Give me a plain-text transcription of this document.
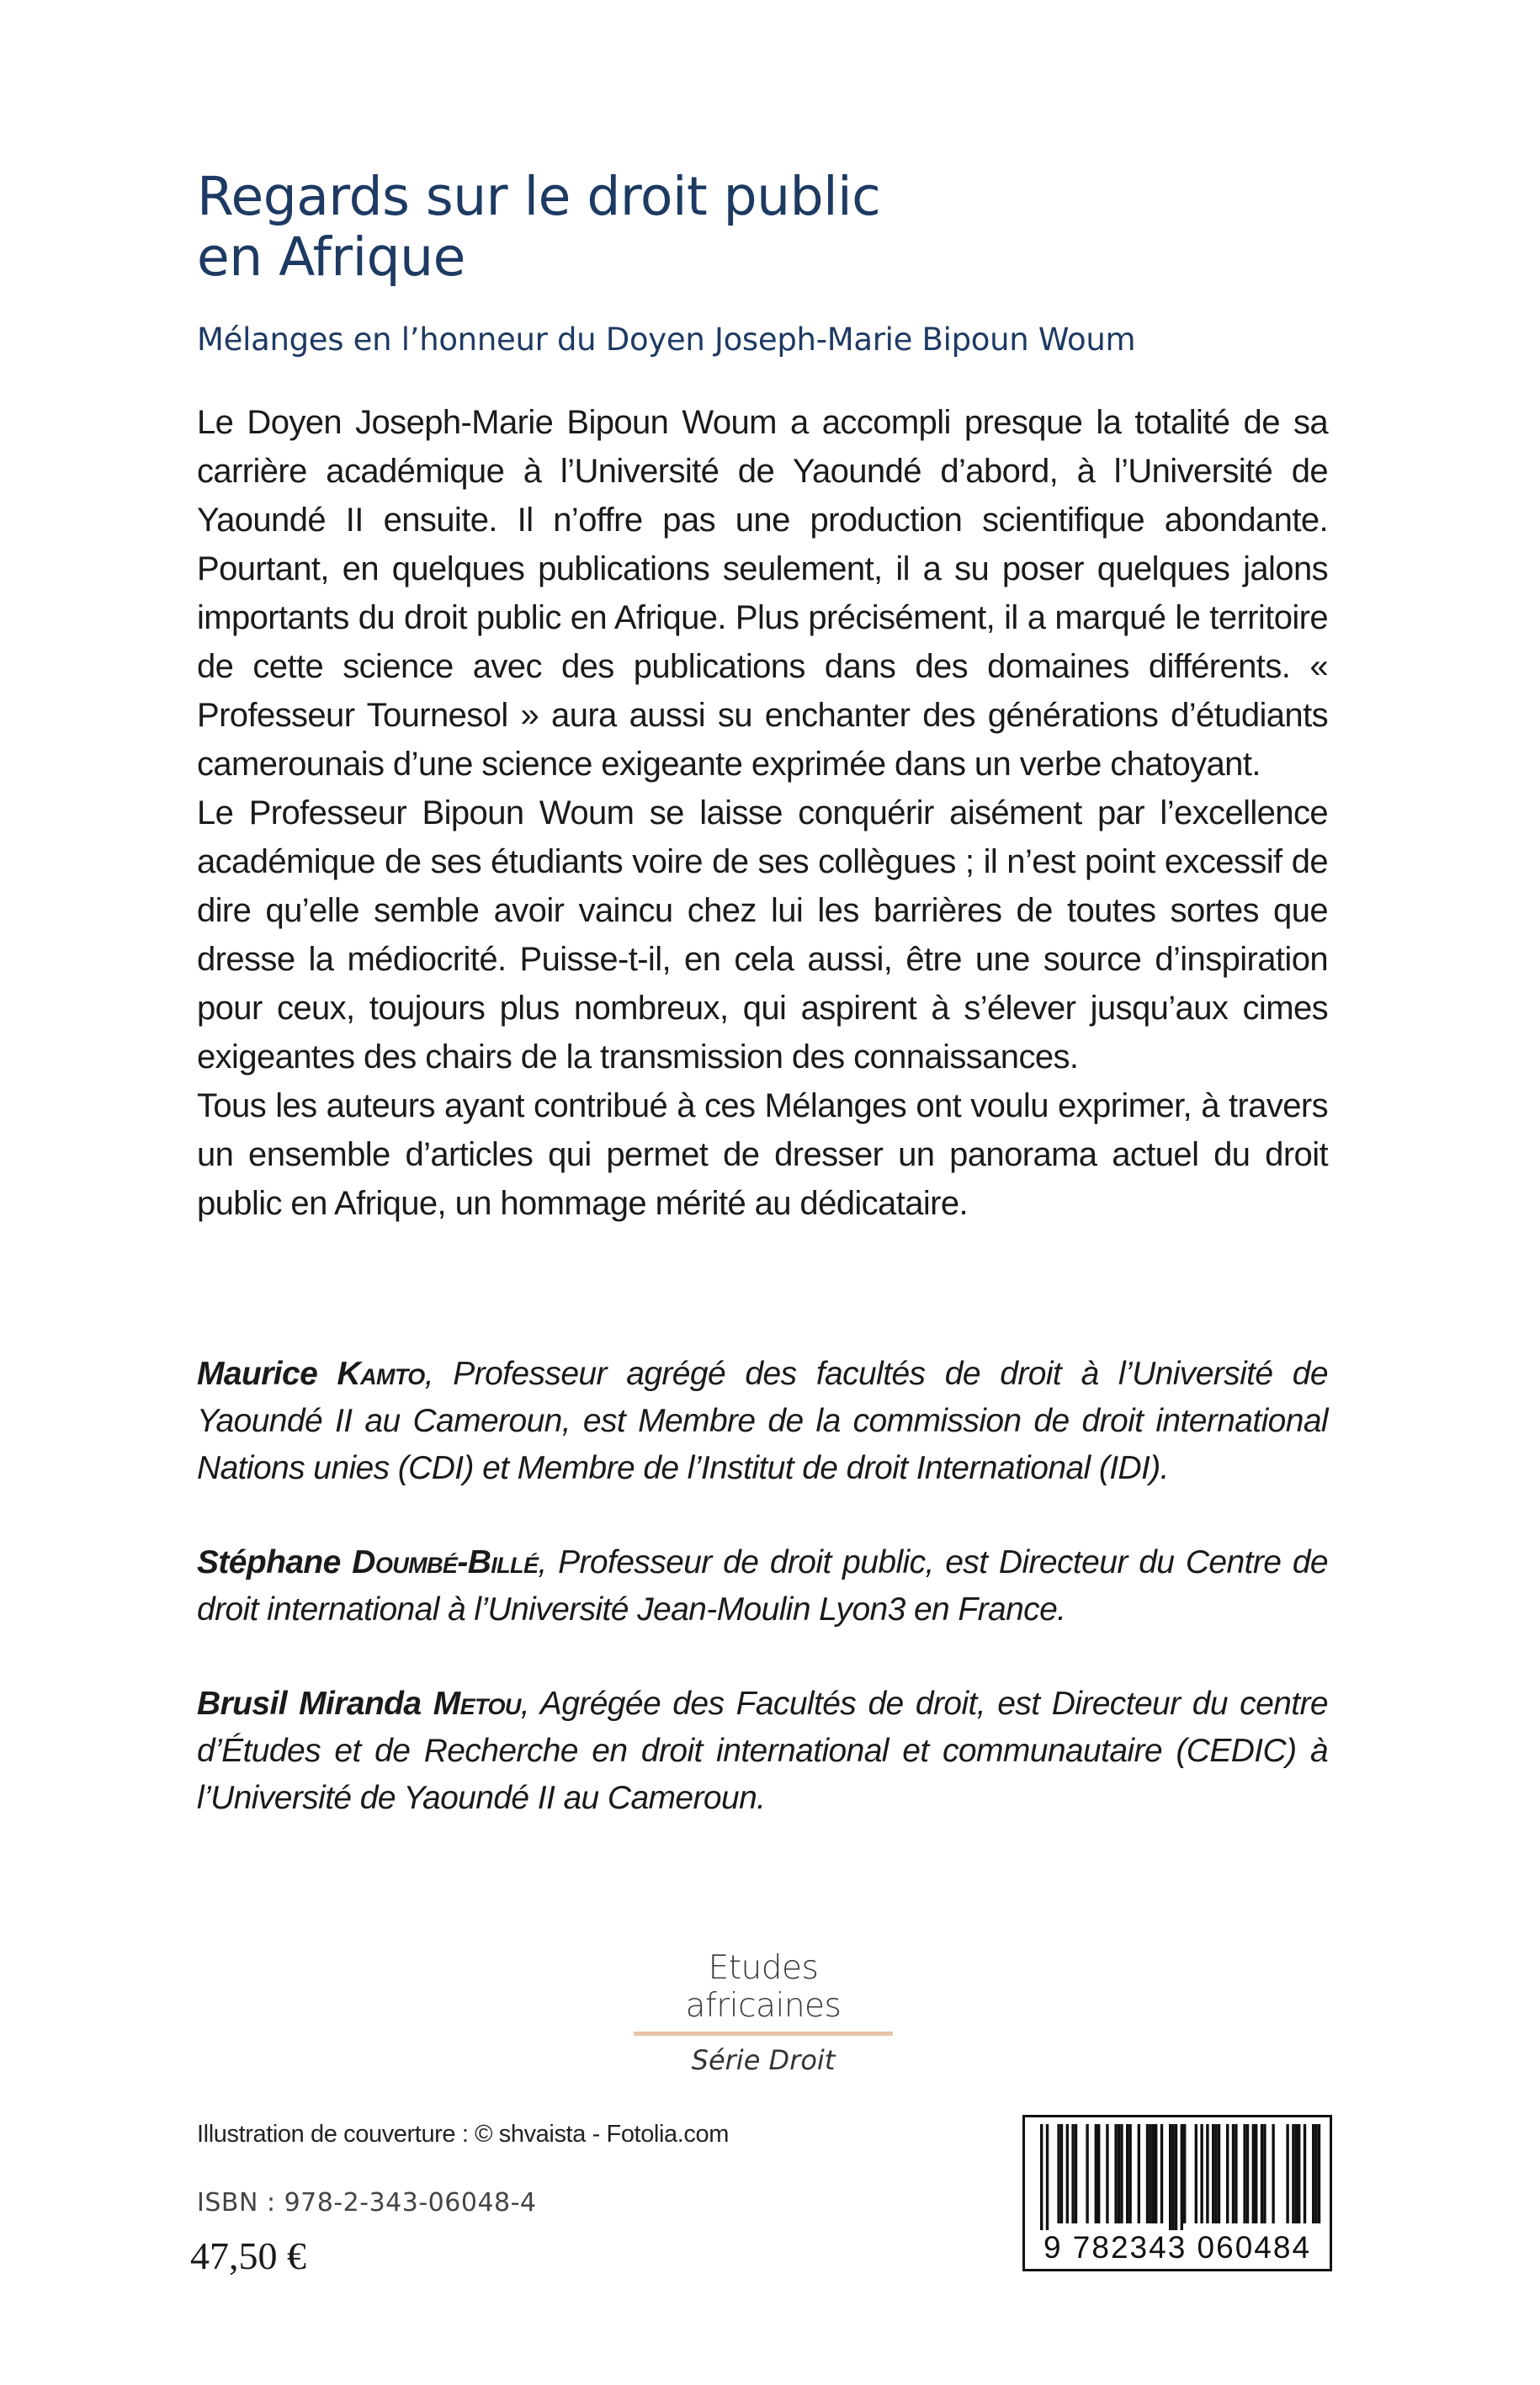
Regards sur le droit public
en Afrique
Mélanges en l’honneur du Doyen Joseph-Marie Bipoun Woum

Le Doyen Joseph-Marie Bipoun Woum a accompli presque la totalité de sa carrière académique à l’Université de Yaoundé d’abord, à l’Université de Yaoundé II ensuite. Il n’offre pas une production scientifique abondante. Pourtant, en quelques publications seulement, il a su poser quelques jalons importants du droit public en Afrique. Plus précisément, il a marqué le territoire de cette science avec des publications dans des domaines différents. « Professeur Tournesol » aura aussi su enchanter des générations d’étudiants camerounais d’une science exigeante exprimée dans un verbe chatoyant.

Le Professeur Bipoun Woum se laisse conquérir aisément par l’excellence académique de ses étudiants voire de ses collègues ; il n’est point excessif de dire qu’elle semble avoir vaincu chez lui les barrières de toutes sortes que dresse la médiocrité. Puisse-t-il, en cela aussi, être une source d’inspiration pour ceux, toujours plus nombreux, qui aspirent à s’élever jusqu’aux cimes exigeantes des chairs de la transmission des connaissances.

Tous les auteurs ayant contribué à ces Mélanges ont voulu exprimer, à travers un ensemble d’articles qui permet de dresser un panorama actuel du droit public en Afrique, un hommage mérité au dédicataire.

Maurice Kamto, Professeur agrégé des facultés de droit à l’Université de Yaoundé II au Cameroun, est Membre de la commission de droit international Nations unies (CDI) et Membre de l’Institut de droit International (IDI).

Stéphane Doumbé-Billé, Professeur de droit public, est Directeur du Centre de droit international à l’Université Jean-Moulin Lyon3 en France.

Brusil Miranda Metou, Agrégée des Facultés de droit, est Directeur du centre d’Études et de Recherche en droit international et communautaire (CEDIC) à l’Université de Yaoundé II au Cameroun.

Etudes africaines
Série Droit
Illustration de couverture : © shvaista - Fotolia.com
ISBN : 978-2-343-06048-4
47,50 €	9 782343 060484
